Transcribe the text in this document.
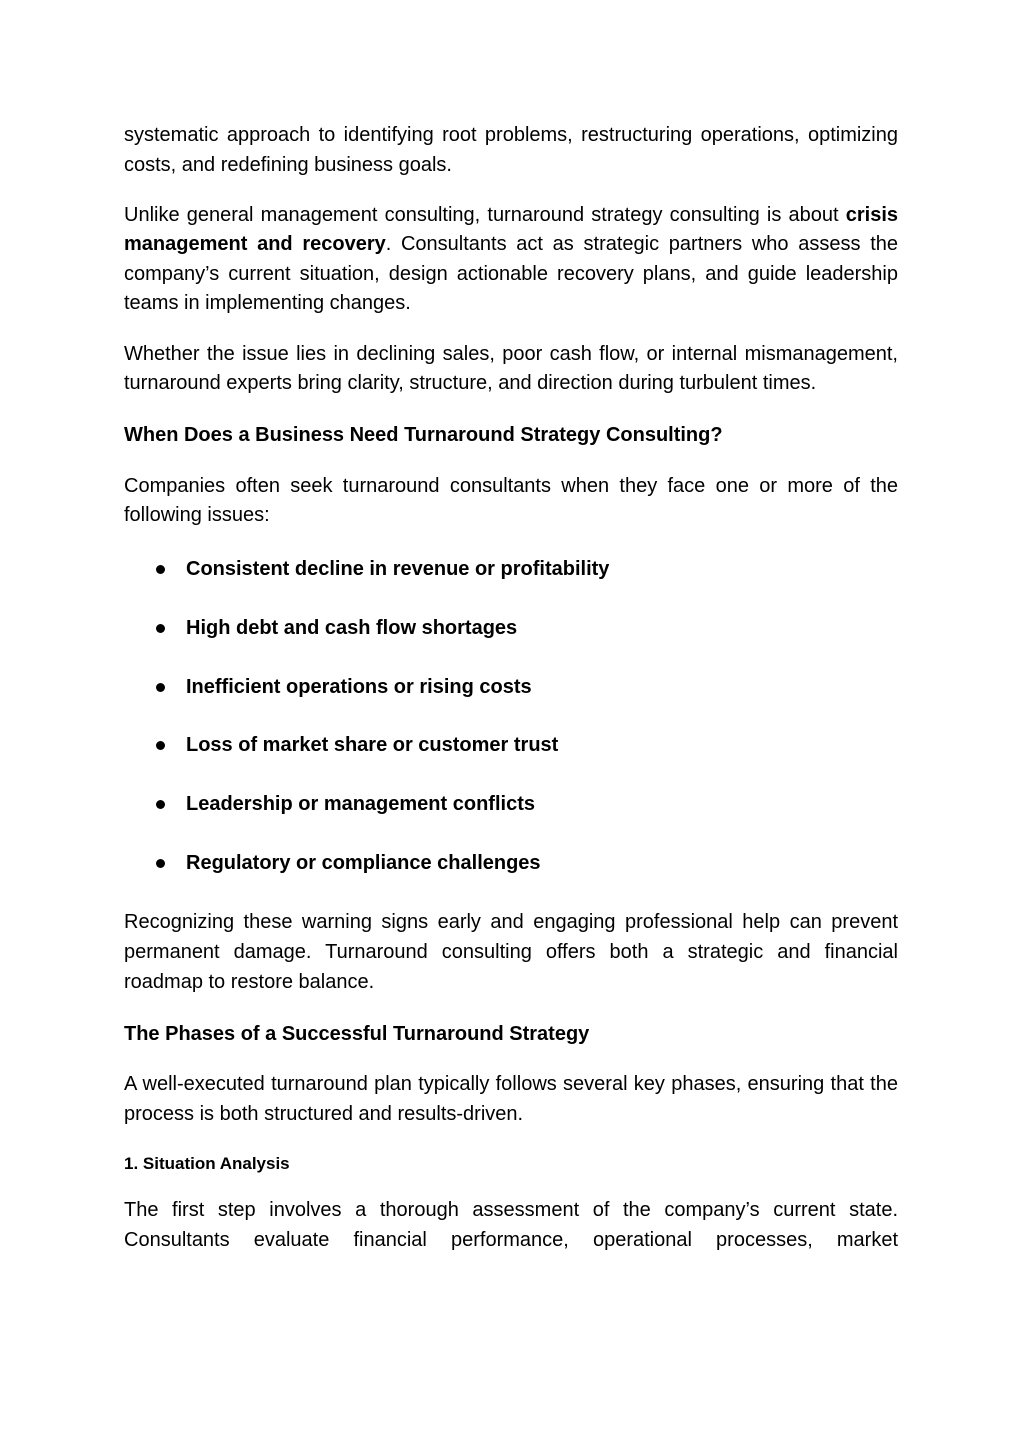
systematic approach to identifying root problems, restructuring operations, optimizing costs, and redefining business goals.

Unlike general management consulting, turnaround strategy consulting is about crisis management and recovery. Consultants act as strategic partners who assess the company’s current situation, design actionable recovery plans, and guide leadership teams in implementing changes.

Whether the issue lies in declining sales, poor cash flow, or internal mismanagement, turnaround experts bring clarity, structure, and direction during turbulent times.

When Does a Business Need Turnaround Strategy Consulting?

Companies often seek turnaround consultants when they face one or more of the following issues:

Consistent decline in revenue or profitability
High debt and cash flow shortages
Inefficient operations or rising costs
Loss of market share or customer trust
Leadership or management conflicts
Regulatory or compliance challenges

Recognizing these warning signs early and engaging professional help can prevent permanent damage. Turnaround consulting offers both a strategic and financial roadmap to restore balance.

The Phases of a Successful Turnaround Strategy

A well-executed turnaround plan typically follows several key phases, ensuring that the process is both structured and results-driven.

1. Situation Analysis

The first step involves a thorough assessment of the company’s current state. Consultants evaluate financial performance, operational processes, market
